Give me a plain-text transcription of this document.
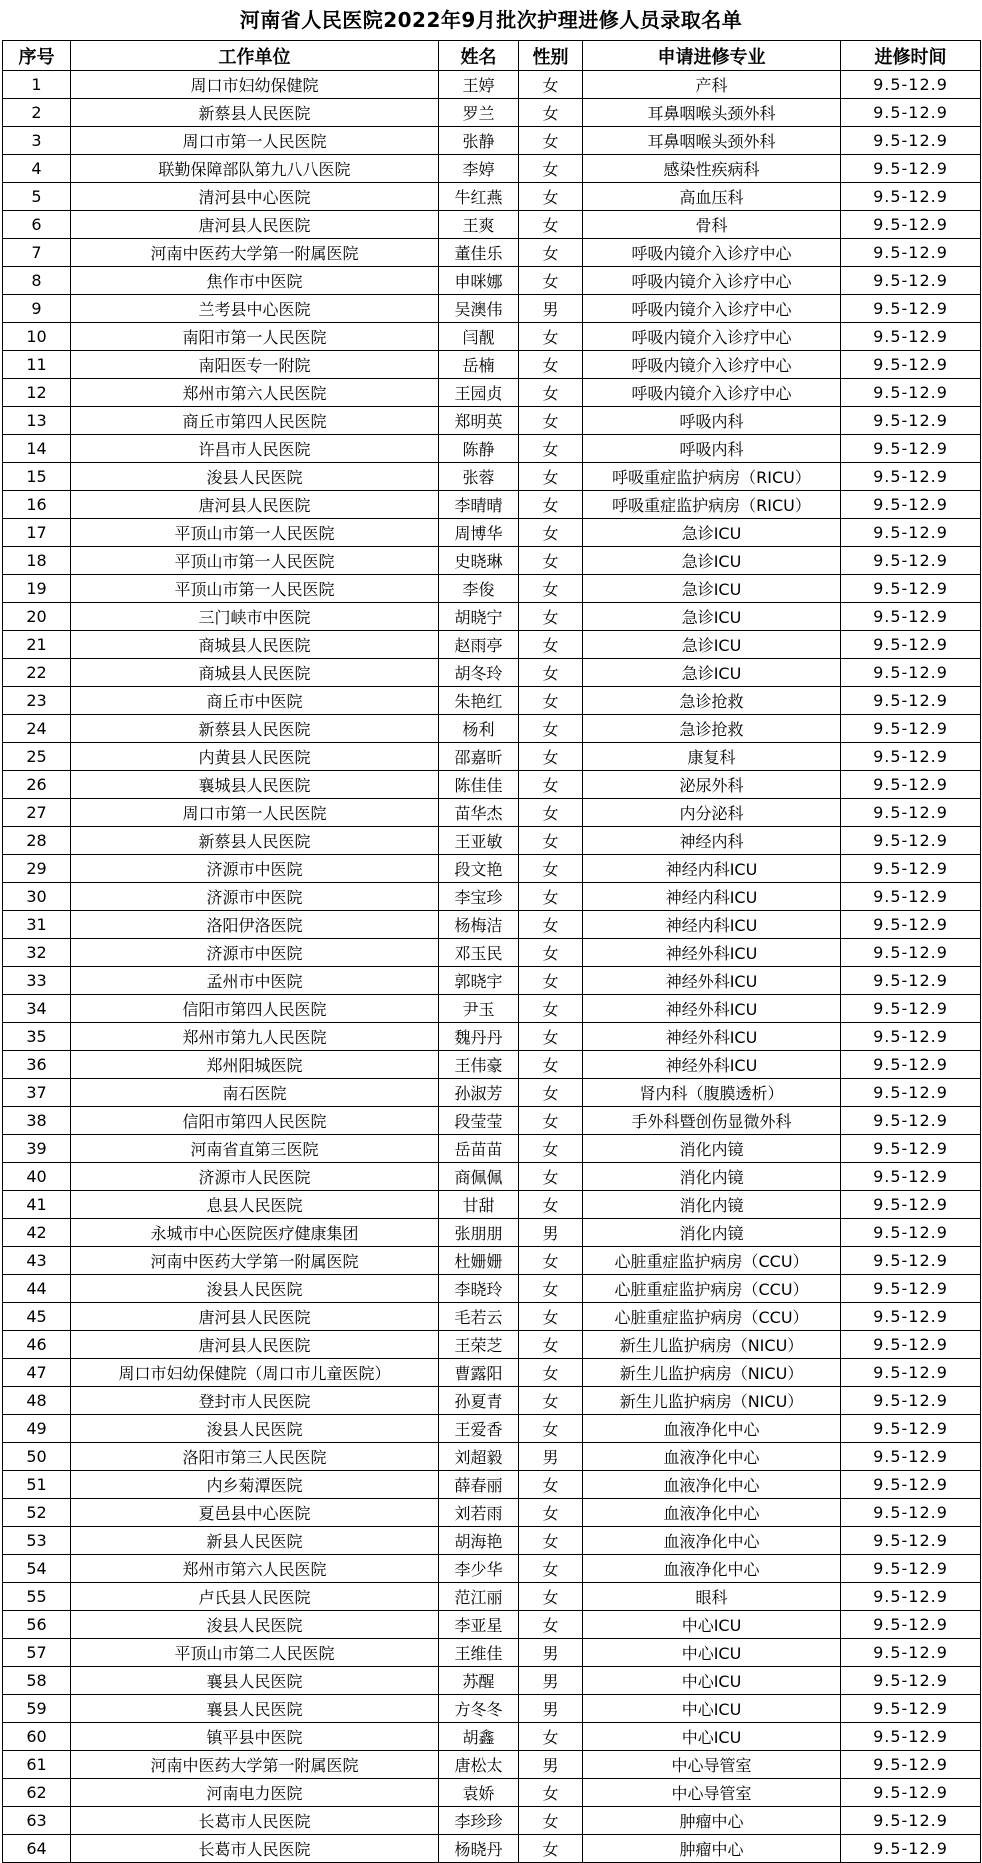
河南省人民医院2022年9月批次护理进修人员录取名单
序号	工作单位	姓名	性别	申请进修专业	进修时间
1	周口市妇幼保健院	王婷	女	产科	9.5-12.9
2	新蔡县人民医院	罗兰	女	耳鼻咽喉头颈外科	9.5-12.9
3	周口市第一人民医院	张静	女	耳鼻咽喉头颈外科	9.5-12.9
4	联勤保障部队第九八八医院	李婷	女	感染性疾病科	9.5-12.9
5	清河县中心医院	牛红燕	女	高血压科	9.5-12.9
6	唐河县人民医院	王爽	女	骨科	9.5-12.9
7	河南中医药大学第一附属医院	董佳乐	女	呼吸内镜介入诊疗中心	9.5-12.9
8	焦作市中医院	申咪娜	女	呼吸内镜介入诊疗中心	9.5-12.9
9	兰考县中心医院	吴澳伟	男	呼吸内镜介入诊疗中心	9.5-12.9
10	南阳市第一人民医院	闫靓	女	呼吸内镜介入诊疗中心	9.5-12.9
11	南阳医专一附院	岳楠	女	呼吸内镜介入诊疗中心	9.5-12.9
12	郑州市第六人民医院	王园贞	女	呼吸内镜介入诊疗中心	9.5-12.9
13	商丘市第四人民医院	郑明英	女	呼吸内科	9.5-12.9
14	许昌市人民医院	陈静	女	呼吸内科	9.5-12.9
15	浚县人民医院	张蓉	女	呼吸重症监护病房（RICU）	9.5-12.9
16	唐河县人民医院	李晴晴	女	呼吸重症监护病房（RICU）	9.5-12.9
17	平顶山市第一人民医院	周博华	女	急诊ICU	9.5-12.9
18	平顶山市第一人民医院	史晓琳	女	急诊ICU	9.5-12.9
19	平顶山市第一人民医院	李俊	女	急诊ICU	9.5-12.9
20	三门峡市中医院	胡晓宁	女	急诊ICU	9.5-12.9
21	商城县人民医院	赵雨亭	女	急诊ICU	9.5-12.9
22	商城县人民医院	胡冬玲	女	急诊ICU	9.5-12.9
23	商丘市中医院	朱艳红	女	急诊抢救	9.5-12.9
24	新蔡县人民医院	杨利	女	急诊抢救	9.5-12.9
25	内黄县人民医院	邵嘉昕	女	康复科	9.5-12.9
26	襄城县人民医院	陈佳佳	女	泌尿外科	9.5-12.9
27	周口市第一人民医院	苗华杰	女	内分泌科	9.5-12.9
28	新蔡县人民医院	王亚敏	女	神经内科	9.5-12.9
29	济源市中医院	段文艳	女	神经内科ICU	9.5-12.9
30	济源市中医院	李宝珍	女	神经内科ICU	9.5-12.9
31	洛阳伊洛医院	杨梅洁	女	神经内科ICU	9.5-12.9
32	济源市中医院	邓玉民	女	神经外科ICU	9.5-12.9
33	孟州市中医院	郭晓宇	女	神经外科ICU	9.5-12.9
34	信阳市第四人民医院	尹玉	女	神经外科ICU	9.5-12.9
35	郑州市第九人民医院	魏丹丹	女	神经外科ICU	9.5-12.9
36	郑州阳城医院	王伟豪	女	神经外科ICU	9.5-12.9
37	南石医院	孙淑芳	女	肾内科（腹膜透析）	9.5-12.9
38	信阳市第四人民医院	段莹莹	女	手外科暨创伤显微外科	9.5-12.9
39	河南省直第三医院	岳苗苗	女	消化内镜	9.5-12.9
40	济源市人民医院	商佩佩	女	消化内镜	9.5-12.9
41	息县人民医院	甘甜	女	消化内镜	9.5-12.9
42	永城市中心医院医疗健康集团	张朋朋	男	消化内镜	9.5-12.9
43	河南中医药大学第一附属医院	杜姗姗	女	心脏重症监护病房（CCU）	9.5-12.9
44	浚县人民医院	李晓玲	女	心脏重症监护病房（CCU）	9.5-12.9
45	唐河县人民医院	毛若云	女	心脏重症监护病房（CCU）	9.5-12.9
46	唐河县人民医院	王荣芝	女	新生儿监护病房（NICU）	9.5-12.9
47	周口市妇幼保健院（周口市儿童医院）	曹露阳	女	新生儿监护病房（NICU）	9.5-12.9
48	登封市人民医院	孙夏青	女	新生儿监护病房（NICU）	9.5-12.9
49	浚县人民医院	王爱香	女	血液净化中心	9.5-12.9
50	洛阳市第三人民医院	刘超毅	男	血液净化中心	9.5-12.9
51	内乡菊潭医院	薛春丽	女	血液净化中心	9.5-12.9
52	夏邑县中心医院	刘若雨	女	血液净化中心	9.5-12.9
53	新县人民医院	胡海艳	女	血液净化中心	9.5-12.9
54	郑州市第六人民医院	李少华	女	血液净化中心	9.5-12.9
55	卢氏县人民医院	范江丽	女	眼科	9.5-12.9
56	浚县人民医院	李亚星	女	中心ICU	9.5-12.9
57	平顶山市第二人民医院	王维佳	男	中心ICU	9.5-12.9
58	襄县人民医院	苏醒	男	中心ICU	9.5-12.9
59	襄县人民医院	方冬冬	男	中心ICU	9.5-12.9
60	镇平县中医院	胡鑫	女	中心ICU	9.5-12.9
61	河南中医药大学第一附属医院	唐松太	男	中心导管室	9.5-12.9
62	河南电力医院	袁娇	女	中心导管室	9.5-12.9
63	长葛市人民医院	李珍珍	女	肿瘤中心	9.5-12.9
64	长葛市人民医院	杨晓丹	女	肿瘤中心	9.5-12.9
